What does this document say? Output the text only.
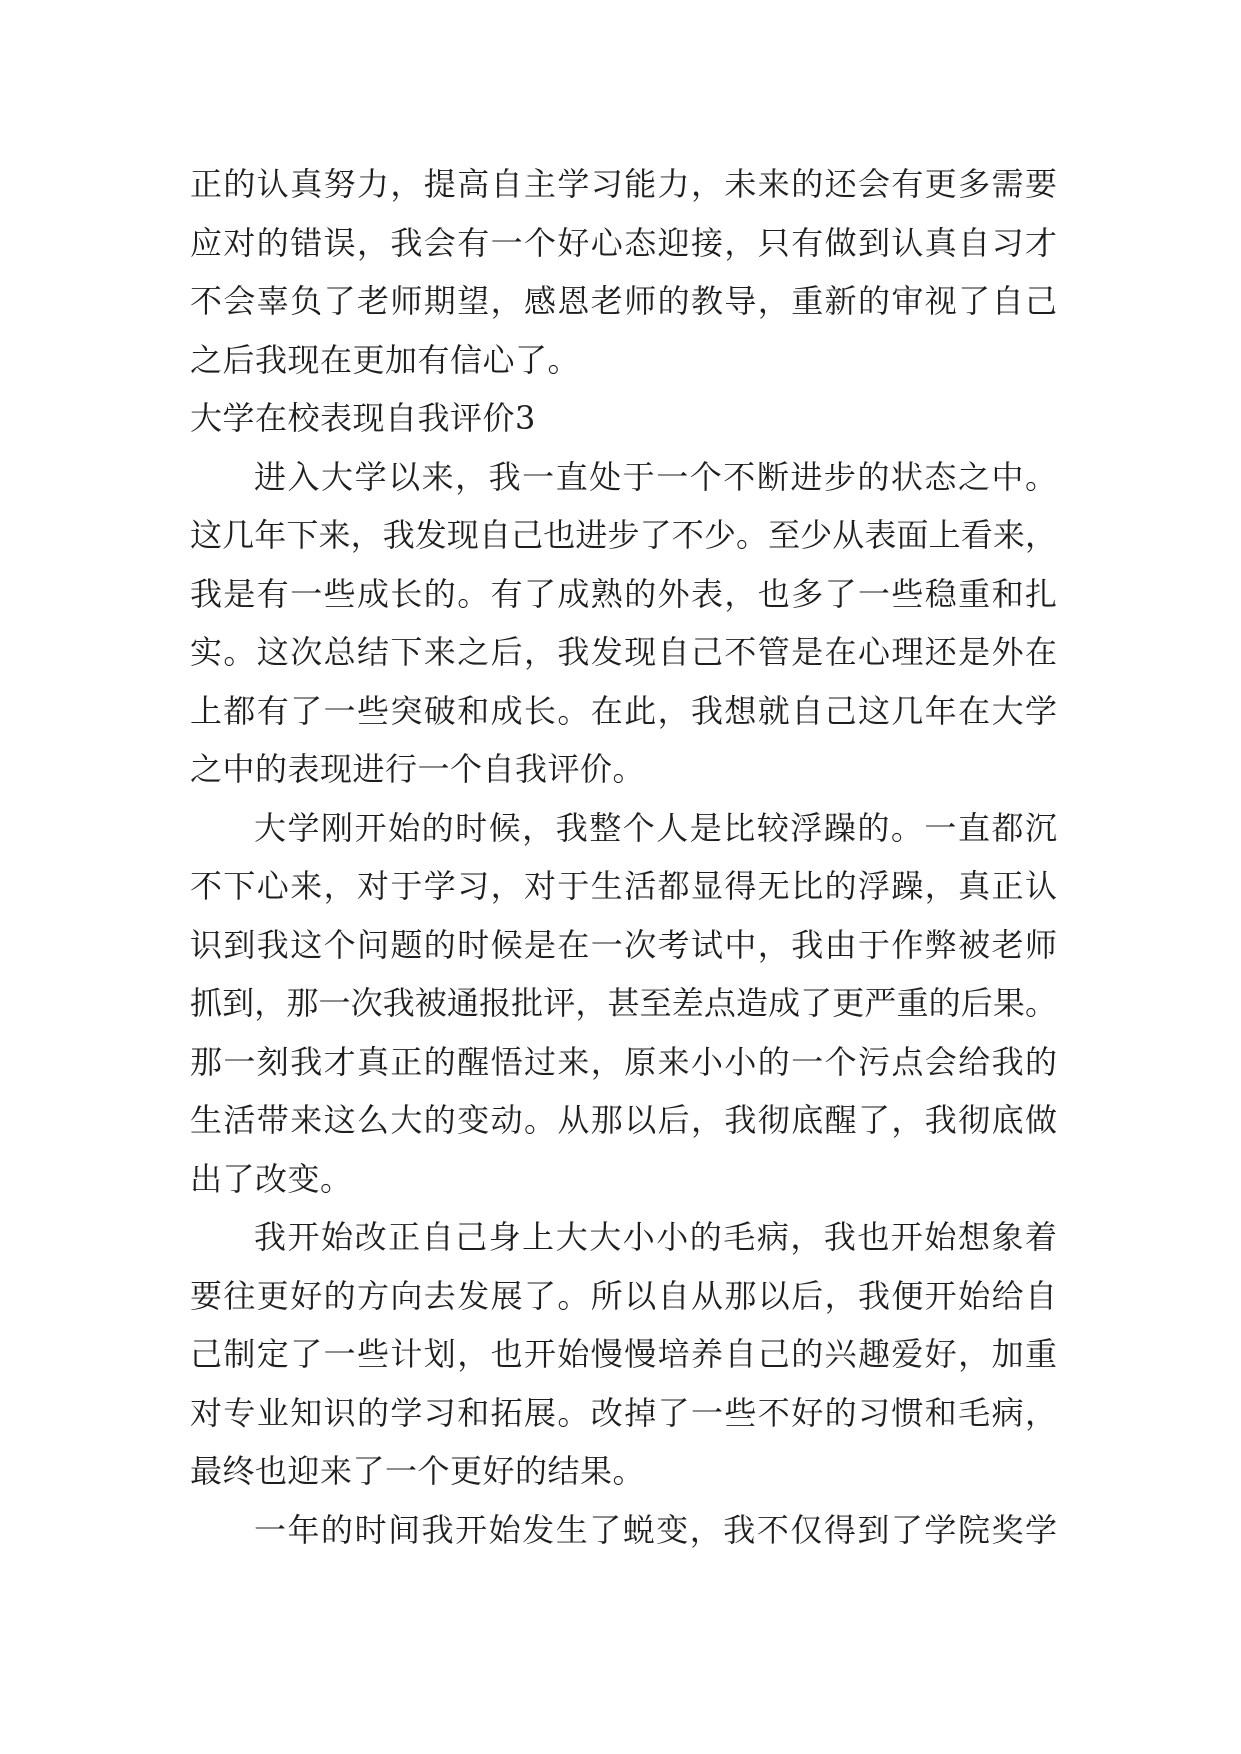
正的认真努力，提高自主学习能力，未来的还会有更多需要
应对的错误，我会有一个好心态迎接，只有做到认真自习才
不会辜负了老师期望，感恩老师的教导，重新的审视了自己
之后我现在更加有信心了。
大学在校表现自我评价3
进入大学以来，我一直处于一个不断进步的状态之中。
这几年下来，我发现自己也进步了不少。至少从表面上看来，
我是有一些成长的。有了成熟的外表，也多了一些稳重和扎
实。这次总结下来之后，我发现自己不管是在心理还是外在
上都有了一些突破和成长。在此，我想就自己这几年在大学
之中的表现进行一个自我评价。
大学刚开始的时候，我整个人是比较浮躁的。一直都沉
不下心来，对于学习，对于生活都显得无比的浮躁，真正认
识到我这个问题的时候是在一次考试中，我由于作弊被老师
抓到，那一次我被通报批评，甚至差点造成了更严重的后果。
那一刻我才真正的醒悟过来，原来小小的一个污点会给我的
生活带来这么大的变动。从那以后，我彻底醒了，我彻底做
出了改变。
我开始改正自己身上大大小小的毛病，我也开始想象着
要往更好的方向去发展了。所以自从那以后，我便开始给自
己制定了一些计划，也开始慢慢培养自己的兴趣爱好，加重
对专业知识的学习和拓展。改掉了一些不好的习惯和毛病，
最终也迎来了一个更好的结果。
一年的时间我开始发生了蜕变，我不仅得到了学院奖学
